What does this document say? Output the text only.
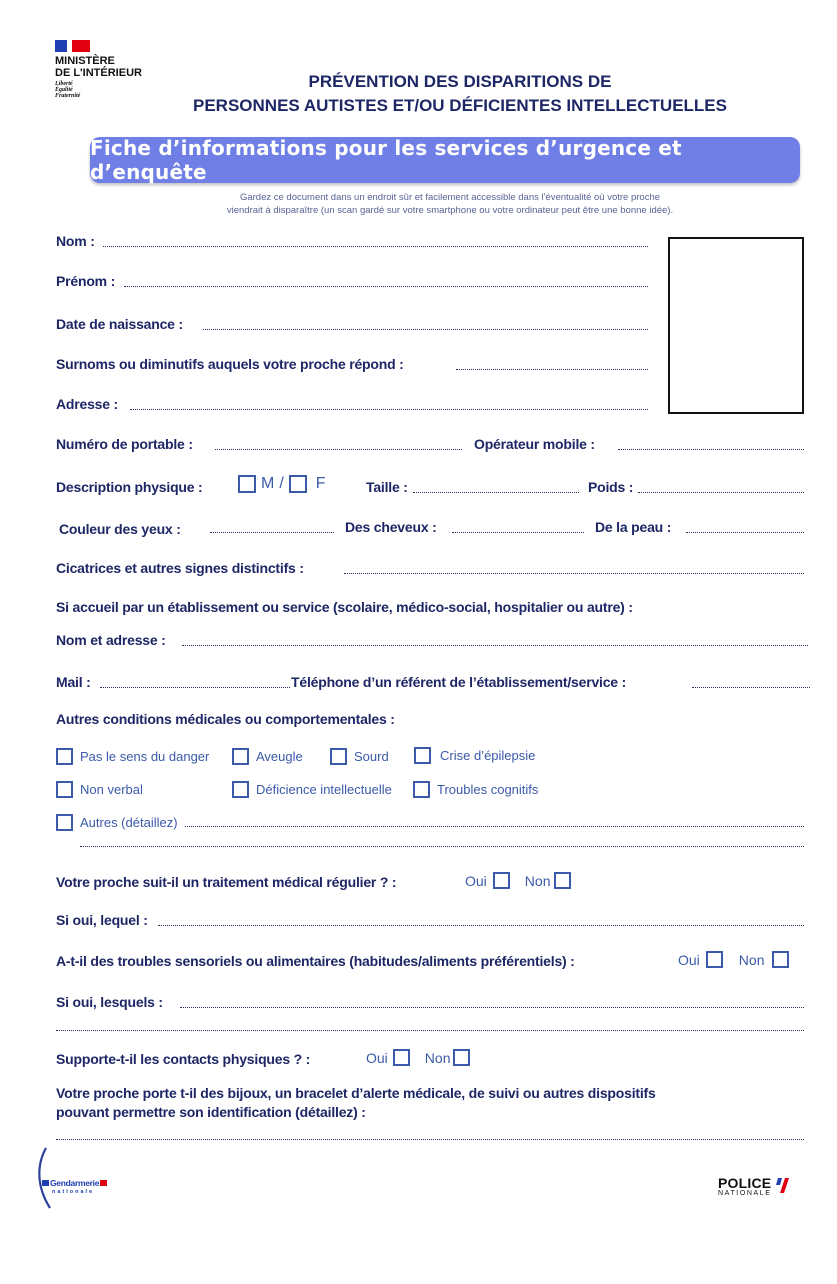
MINISTÈRE
DE L'INTÉRIEUR
Liberté
Égalité
Fraternité
PRÉVENTION DES DISPARITIONS DE
PERSONNES AUTISTES ET/OU DÉFICIENTES INTELLECTUELLES
Fiche d’informations pour les services d’urgence et d’enquête
Gardez ce document dans un endroit sûr et facilement accessible dans l'éventualité où votre proche
viendrait à disparaître (un scan gardé sur votre smartphone ou votre ordinateur peut être une bonne idée).
Nom :
Prénom :
Date de naissance :
Surnoms ou diminutifs auquels votre proche répond :
Adresse :
Numéro de portable :	Opérateur mobile :
Description physique :	M / F	Taille :	Poids :
Couleur des yeux :	Des cheveux :	De la peau :
Cicatrices et autres signes distinctifs :
Si accueil par un établissement ou service (scolaire, médico-social, hospitalier ou autre) :
Nom et adresse :
Mail :	Téléphone d’un référent de l’établissement/service :
Autres conditions médicales ou comportementales :
Pas le sens du danger	Aveugle	Sourd	Crise d’épilepsie
Non verbal	Déficience intellectuelle	Troubles cognitifs
Autres (détaillez)
Votre proche suit-il un traitement médical régulier ? :	Oui	Non
Si oui, lequel :
A-t-il des troubles sensoriels ou alimentaires (habitudes/aliments préférentiels) :	Oui	Non
Si oui, lesquels :
Supporte-t-il les contacts physiques ? :	Oui	Non
Votre proche porte t-il des bijoux, un bracelet d’alerte médicale, de suivi ou autres dispositifs
pouvant permettre son identification (détaillez) :
Gendarmerie
nationale
POLICE
NATIONALE
